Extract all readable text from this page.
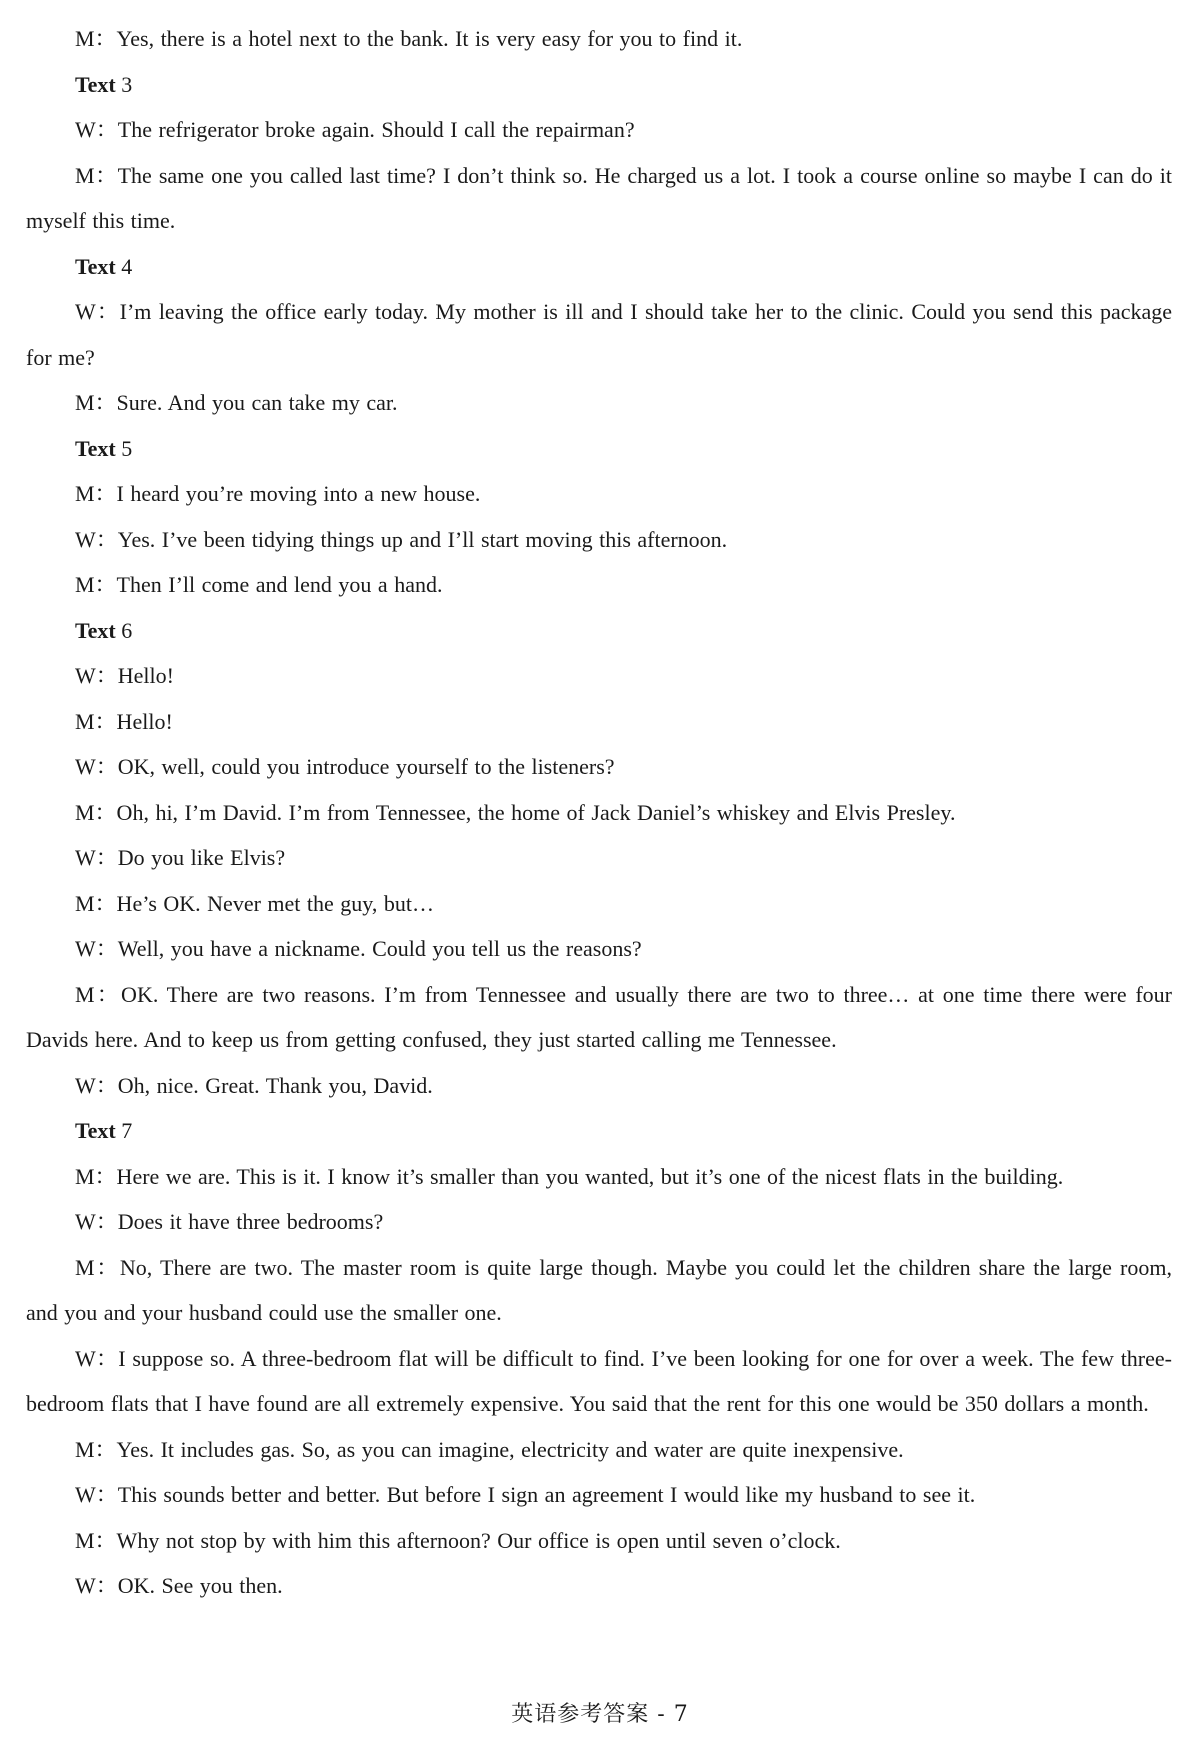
M：Yes, there is a hotel next to the bank. It is very easy for you to find it.

Text 3

W：The refrigerator broke again. Should I call the repairman?

M：The same one you called last time? I don’t think so. He charged us a lot. I took a course online so maybe I can do it myself this time.

Text 4

W：I’m leaving the office early today. My mother is ill and I should take her to the clinic. Could you send this package for me?

M：Sure. And you can take my car.

Text 5

M：I heard you’re moving into a new house.

W：Yes. I’ve been tidying things up and I’ll start moving this afternoon.

M：Then I’ll come and lend you a hand.

Text 6

W：Hello!

M：Hello!

W：OK, well, could you introduce yourself to the listeners?

M：Oh, hi, I’m David. I’m from Tennessee, the home of Jack Daniel’s whiskey and Elvis Presley.

W：Do you like Elvis?

M：He’s OK. Never met the guy, but…

W：Well, you have a nickname. Could you tell us the reasons?

M：OK. There are two reasons. I’m from Tennessee and usually there are two to three… at one time there were four Davids here. And to keep us from getting confused, they just started calling me Tennessee.

W：Oh, nice. Great. Thank you, David.

Text 7

M：Here we are. This is it. I know it’s smaller than you wanted, but it’s one of the nicest flats in the building.

W：Does it have three bedrooms?

M：No, There are two. The master room is quite large though. Maybe you could let the children share the large room, and you and your husband could use the smaller one.

W：I suppose so. A three-bedroom flat will be difficult to find. I’ve been looking for one for over a week. The few three-bedroom flats that I have found are all extremely expensive. You said that the rent for this one would be 350 dollars a month.

M：Yes. It includes gas. So, as you can imagine, electricity and water are quite inexpensive.

W：This sounds better and better. But before I sign an agreement I would like my husband to see it.

M：Why not stop by with him this afternoon? Our office is open until seven o’clock.

W：OK. See you then.

英语参考答案 - 7
